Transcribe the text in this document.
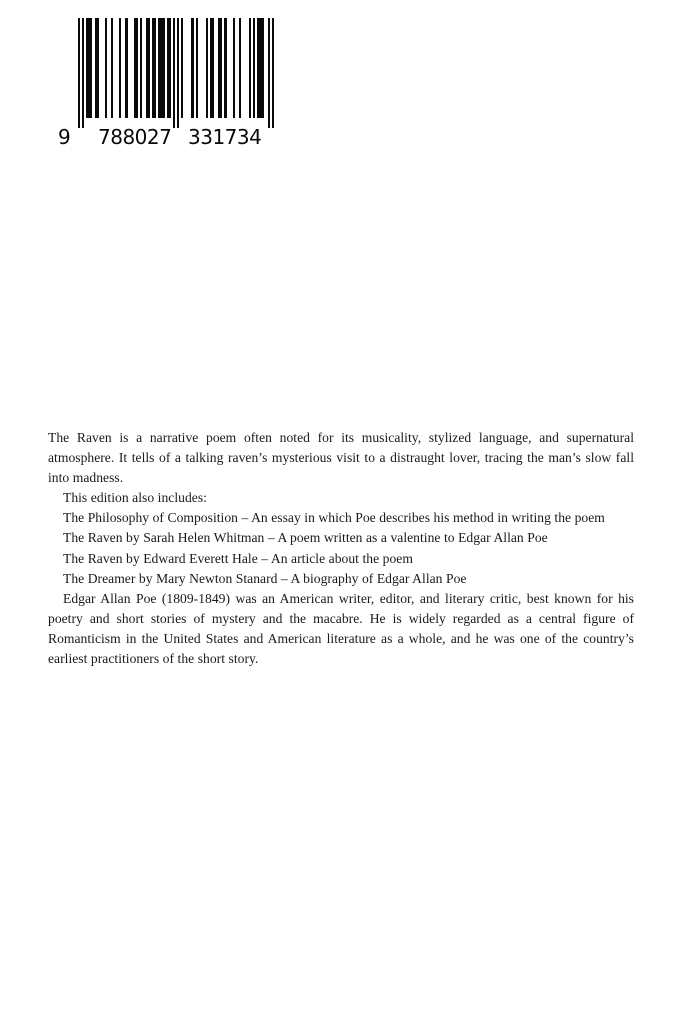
9 788027 331734

The Raven is a narrative poem often noted for its musicality, stylized language, and supernatural atmosphere. It tells of a talking raven’s mysterious visit to a distraught lover, tracing the man’s slow fall into madness.

This edition also includes:

The Philosophy of Composition – An essay in which Poe describes his method in writing the poem

The Raven by Sarah Helen Whitman – A poem written as a valentine to Edgar Allan Poe

The Raven by Edward Everett Hale – An article about the poem

The Dreamer by Mary Newton Stanard – A biography of Edgar Allan Poe

Edgar Allan Poe (1809-1849) was an American writer, editor, and literary critic, best known for his poetry and short stories of mystery and the macabre. He is widely regarded as a central figure of Romanticism in the United States and American literature as a whole, and he was one of the country’s earliest practitioners of the short story.
